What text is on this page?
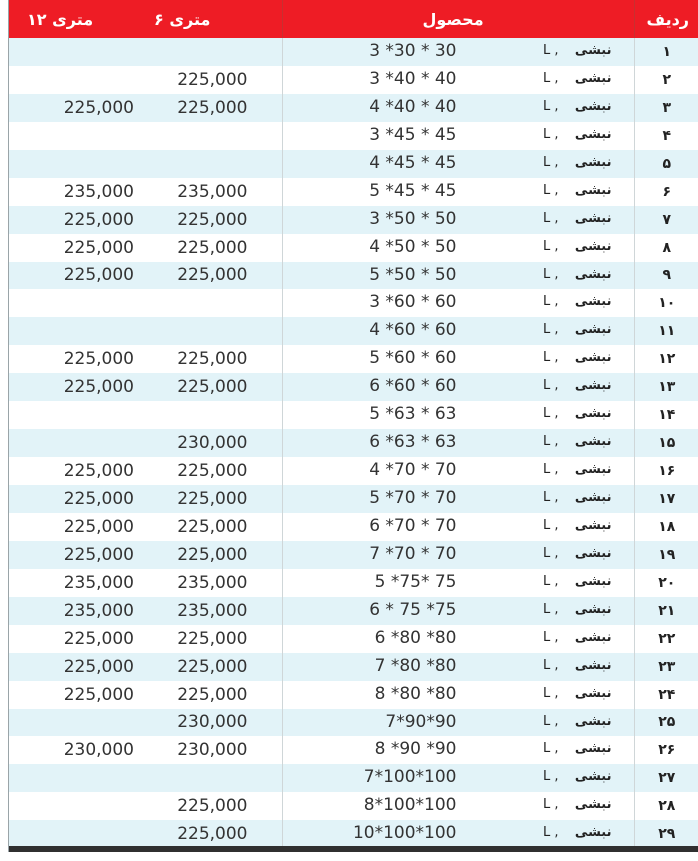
۱۲ متری	۶ متری	محصول	ردیف

		3 *30 * 30 L , نبشی	۱
	225,000	3 *40 * 40 L , نبشی	۲
225,000	225,000	4 *40 * 40 L , نبشی	۳

		3 *45 * 45 L , نبشی	۴

		4 *45 * 45 L , نبشی	۵
235,000	235,000	5 *45 * 45 L , نبشی	۶
225,000	225,000	3 *50 * 50 L , نبشی	۷
225,000	225,000	4 *50 * 50 L , نبشی	۸
225,000	225,000	5 *50 * 50 L , نبشی	۹

		3 *60 * 60 L , نبشی	۱۰

		4 *60 * 60 L , نبشی	۱۱
225,000	225,000	5 *60 * 60 L , نبشی	۱۲
225,000	225,000	6 *60 * 60 L , نبشی	۱۳

		5 *63 * 63 L , نبشی	۱۴
	230,000	6 *63 * 63 L , نبشی	۱۵
225,000	225,000	4 *70 * 70 L , نبشی	۱۶
225,000	225,000	5 *70 * 70 L , نبشی	۱۷
225,000	225,000	6 *70 * 70 L , نبشی	۱۸
225,000	225,000	7 *70 * 70 L , نبشی	۱۹
235,000	235,000	5 *75* 75 L , نبشی	۲۰
235,000	235,000	6 * 75 *75 L , نبشی	۲۱
225,000	225,000	6 *80 *80 L , نبشی	۲۲
225,000	225,000	7 *80 *80 L , نبشی	۲۳
225,000	225,000	8 *80 *80 L , نبشی	۲۴
	230,000	7*90*90 L , نبشی	۲۵
230,000	230,000	8 *90 *90 L , نبشی	۲۶

		7*100*100 L , نبشی	۲۷
	225,000	8*100*100 L , نبشی	۲۸
	225,000	10*100*100 L , نبشی	۲۹
